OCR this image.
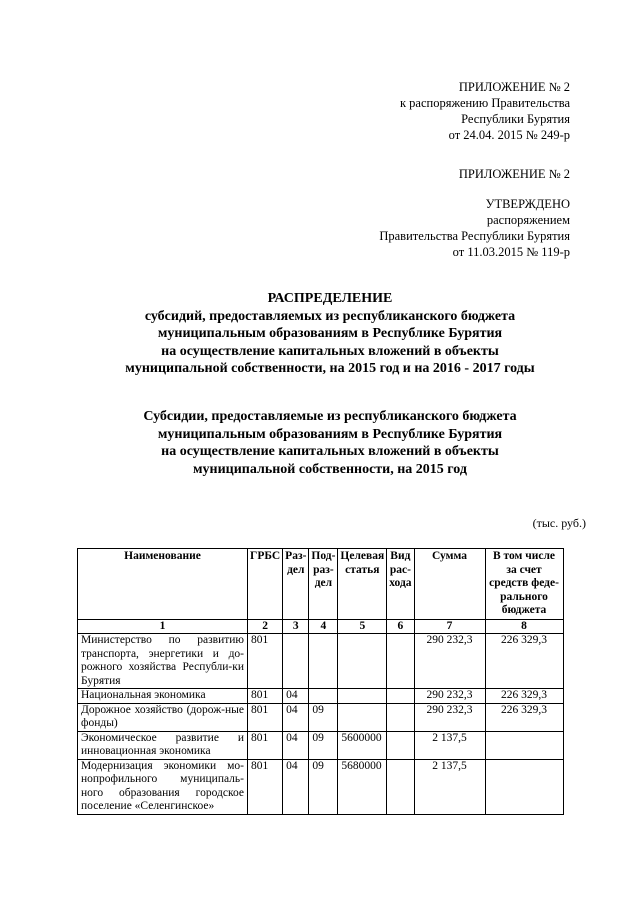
ПРИЛОЖЕНИЕ № 2
к распоряжению Правительства
Республики Бурятия
от 24.04. 2015 № 249-р
ПРИЛОЖЕНИЕ № 2
УТВЕРЖДЕНО
распоряжением
Правительства Республики Бурятия
от 11.03.2015 № 119-р
РАСПРЕДЕЛЕНИЕ
субсидий, предоставляемых из республиканского бюджета
муниципальным образованиям в Республике Бурятия
на осуществление капитальных вложений в объекты
муниципальной собственности, на 2015 год и на 2016 - 2017 годы
Субсидии, предоставляемые из республиканского бюджета
муниципальным образованиям в Республике Бурятия
на осуществление капитальных вложений в объекты
муниципальной собственности, на 2015 год
(тыс. руб.)
Наименование	ГРБС	Раз-дел	Под-раз-дел	Целевая статья	Вид рас-хода	Сумма	В том числе за счет средств феде-рального бюджета
1	2	3	4	5	6	7	8
Министерство по развитию транспорта, энергетики и до-рожного хозяйства Республи-ки Бурятия	801					290 232,3	226 329,3
Национальная экономика	801	04				290 232,3	226 329,3
Дорожное хозяйство (дорож-ные фонды)	801	04	09			290 232,3	226 329,3
Экономическое развитие и инновационная экономика	801	04	09	5600000		2 137,5	
Модернизация экономики мо-нопрофильного муниципаль-ного образования городское поселение «Селенгинское»	801	04	09	5680000		2 137,5	
